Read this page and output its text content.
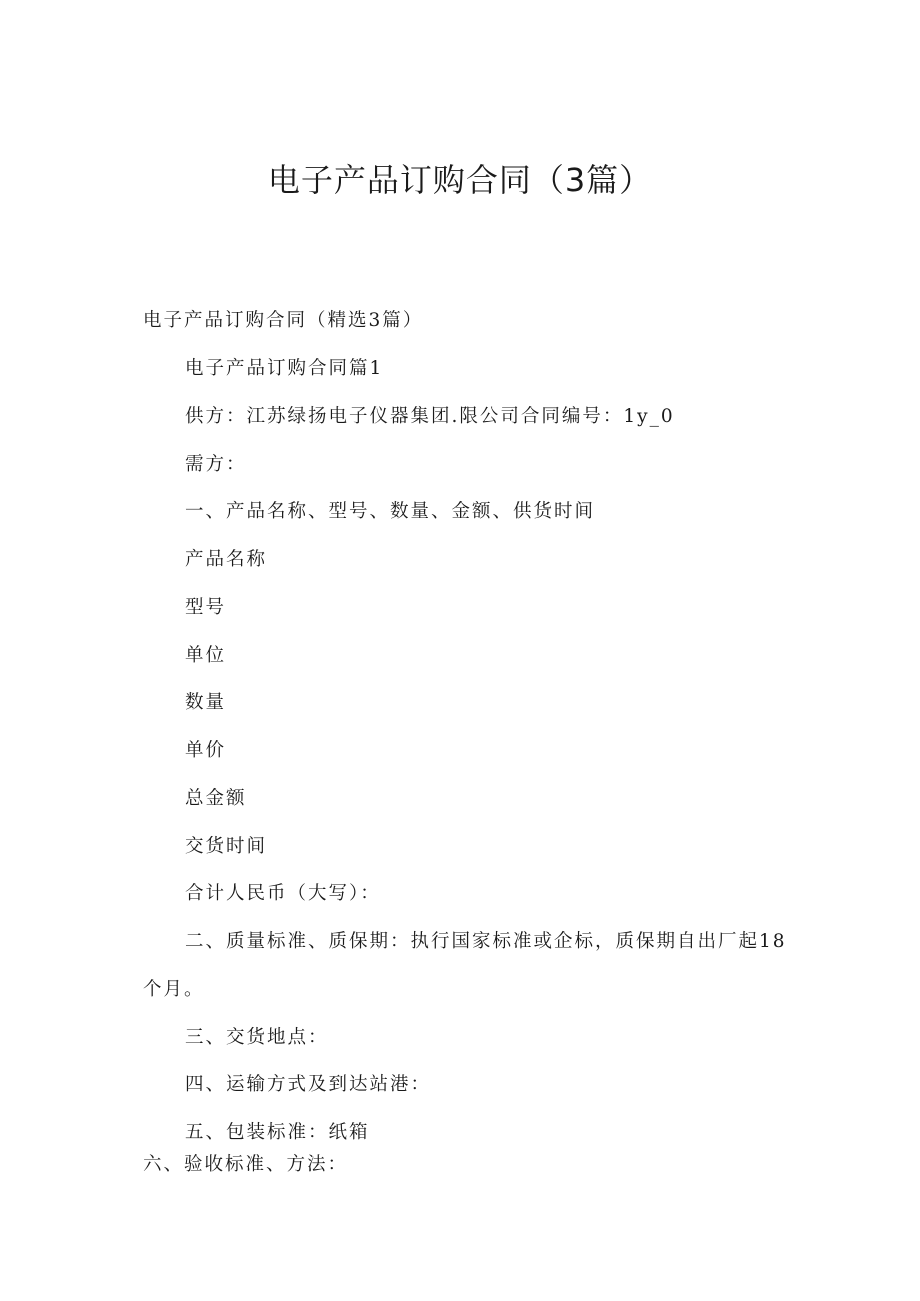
电子产品订购合同（3篇）

电子产品订购合同（精选3篇）

电子产品订购合同篇1

供方：江苏绿扬电子仪器集团.限公司合同编号：1y_0

需方：

一、产品名称、型号、数量、金额、供货时间

产品名称

型号

单位

数量

单价

总金额

交货时间

合计人民币（大写）：

二、质量标准、质保期：执行国家标准或企标，质保期自出厂起18

个月。

三、交货地点：

四、运输方式及到达站港：

五、包装标准：纸箱

六、验收标准、方法：
